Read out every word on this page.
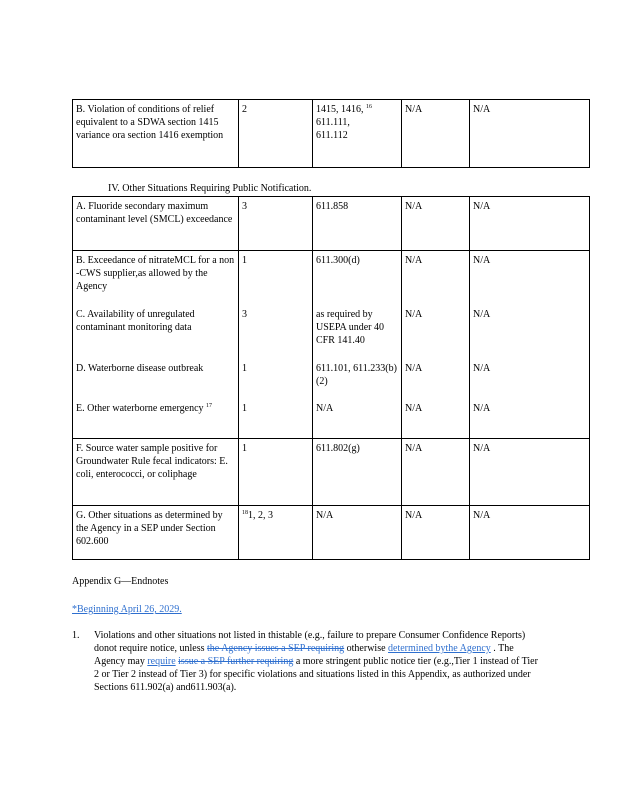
B. Violation of conditions of relief equivalent to a SDWA section 1415 variance ora section 1416 exemption	2	1415, 1416, $^{16}$
611.111,
611.112	N/A	N/A
IV. Other Situations Requiring Public Notification.
A. Fluoride secondary maximum contaminant level (SMCL) exceedance	3	611.858	N/A	N/A
B. Exceedance of nitrateMCL for a non -CWS supplier,as allowed by the Agency	1	611.300(d)	N/A	N/A
C. Availability of unregulated contaminant monitoring data	3	as required by USEPA under 40 CFR 141.40	N/A	N/A
D. Waterborne disease outbreak	1	611.101, 611.233(b)(2)	N/A	N/A
E. Other waterborne emergency $^{17}$	1	N/A	N/A	N/A
F. Source water sample positive for Groundwater Rule fecal indicators: E. coli, enterococci, or coliphage	1	611.802(g)	N/A	N/A
G. Other situations as determined by the Agency in a SEP under Section 602.600	$^{18}$1, 2, 3	N/A	N/A	N/A
Appendix G—Endnotes
*Beginning April 26, 2029.
1. Violations and other situations not listed in thistable (e.g., failure to prepare Consumer Confidence Reports) donot require notice, unless the Agency issues a SEP requiring otherwise determined bythe Agency . The Agency may require issue a SEP further requiring a more stringent public notice tier (e.g.,Tier 1 instead of Tier 2 or Tier 2 instead of Tier 3) for specific violations and situations listed in this Appendix, as authorized under Sections 611.902(a) and611.903(a).
